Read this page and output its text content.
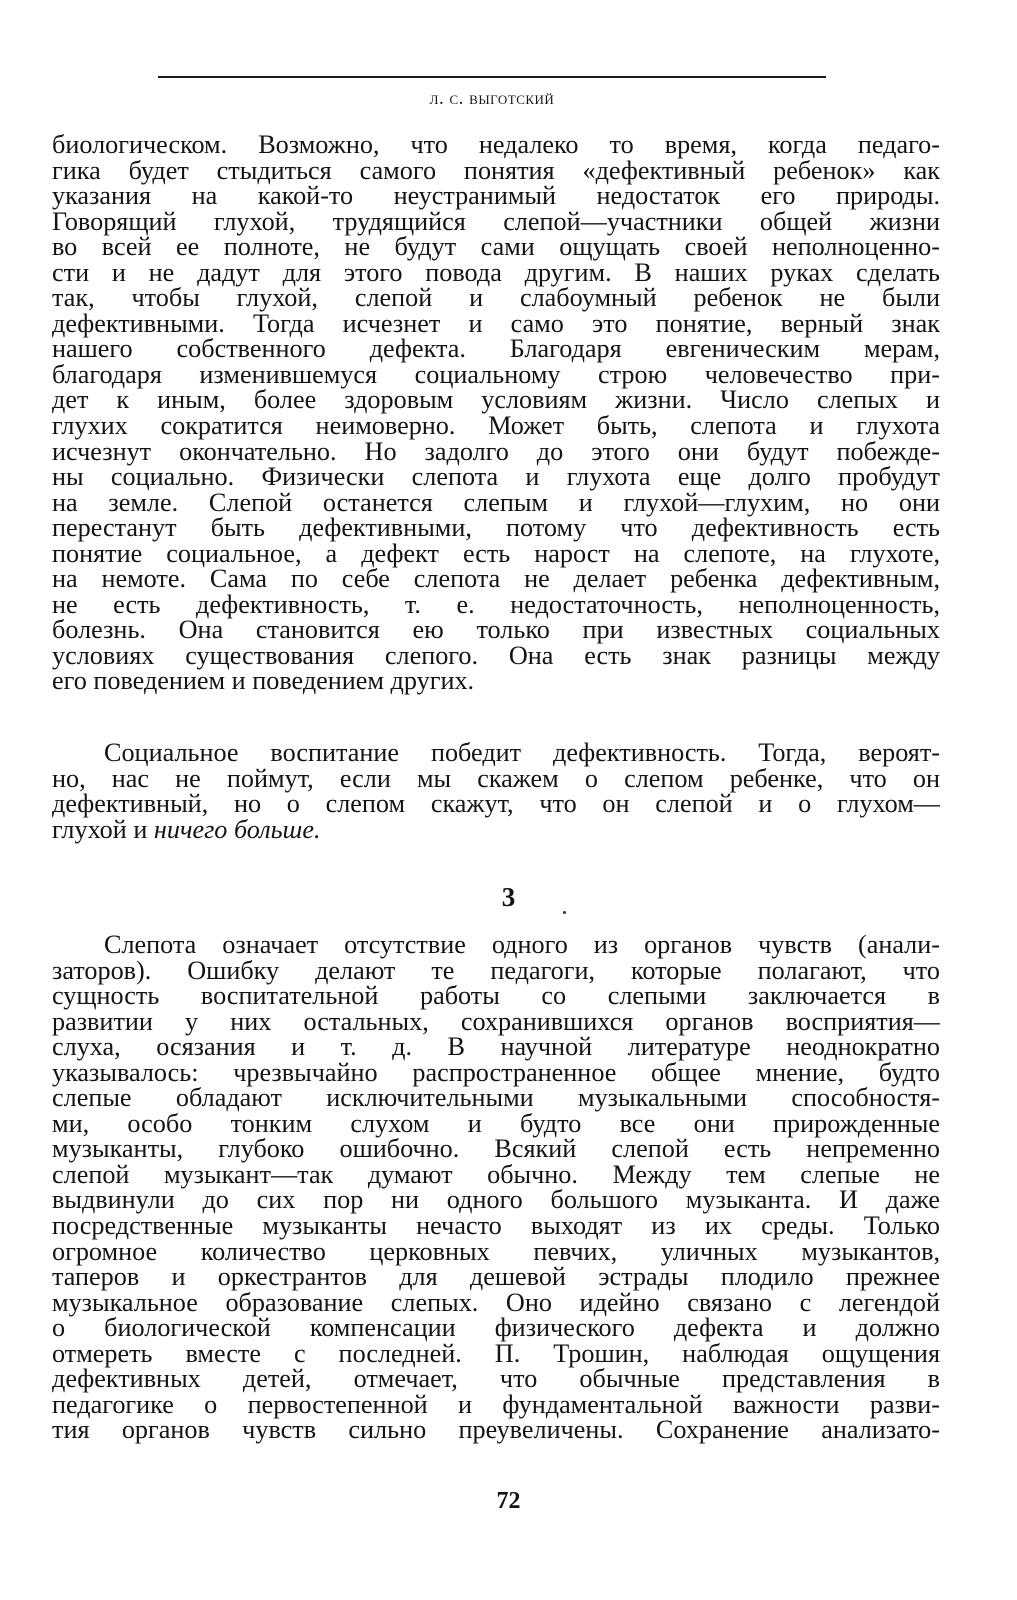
л. с. выготский
биологическом. Возможно, что недалеко то время, когда педаго-
гика будет стыдиться самого понятия «дефективный ребенок» как
указания на какой-то неустранимый недостаток его природы.
Говорящий глухой, трудящийся слепой—участники общей жизни
во всей ее полноте, не будут сами ощущать своей неполноценно-
сти и не дадут для этого повода другим. В наших руках сделать
так, чтобы глухой, слепой и слабоумный ребенок не были
дефективными. Тогда исчезнет и само это понятие, верный знак
нашего собственного дефекта. Благодаря евгеническим мерам,
благодаря изменившемуся социальному строю человечество при-
дет к иным, более здоровым условиям жизни. Число слепых и
глухих сократится неимоверно. Может быть, слепота и глухота
исчезнут окончательно. Но задолго до этого они будут побежде-
ны социально. Физически слепота и глухота еще долго пробудут
на земле. Слепой останется слепым и глухой—глухим, но они
перестанут быть дефективными, потому что дефективность есть
понятие социальное, а дефект есть нарост на слепоте, на глухоте,
на немоте. Сама по себе слепота не делает ребенка дефективным,
не есть дефективность, т. е. недостаточность, неполноценность,
болезнь. Она становится ею только при известных социальных
условиях существования слепого. Она есть знак разницы между
его поведением и поведением других.
Социальное воспитание победит дефективность. Тогда, вероят-
но, нас не поймут, если мы скажем о слепом ребенке, что он
дефективный, но о слепом скажут, что он слепой и о глухом—
глухой и ничего больше.
3
Слепота означает отсутствие одного из органов чувств (анали-
заторов). Ошибку делают те педагоги, которые полагают, что
сущность воспитательной работы со слепыми заключается в
развитии у них остальных, сохранившихся органов восприятия—
слуха, осязания и т. д. В научной литературе неоднократно
указывалось: чрезвычайно распространенное общее мнение, будто
слепые обладают исключительными музыкальными способностя-
ми, особо тонким слухом и будто все они прирожденные
музыканты, глубоко ошибочно. Всякий слепой есть непременно
слепой музыкант—так думают обычно. Между тем слепые не
выдвинули до сих пор ни одного большого музыканта. И даже
посредственные музыканты нечасто выходят из их среды. Только
огромное количество церковных певчих, уличных музыкантов,
таперов и оркестрантов для дешевой эстрады плодило прежнее
музыкальное образование слепых. Оно идейно связано с легендой
о биологической компенсации физического дефекта и должно
отмереть вместе с последней. П. Трошин, наблюдая ощущения
дефективных детей, отмечает, что обычные представления в
педагогике о первостепенной и фундаментальной важности разви-
тия органов чувств сильно преувеличены. Сохранение анализато-
72
